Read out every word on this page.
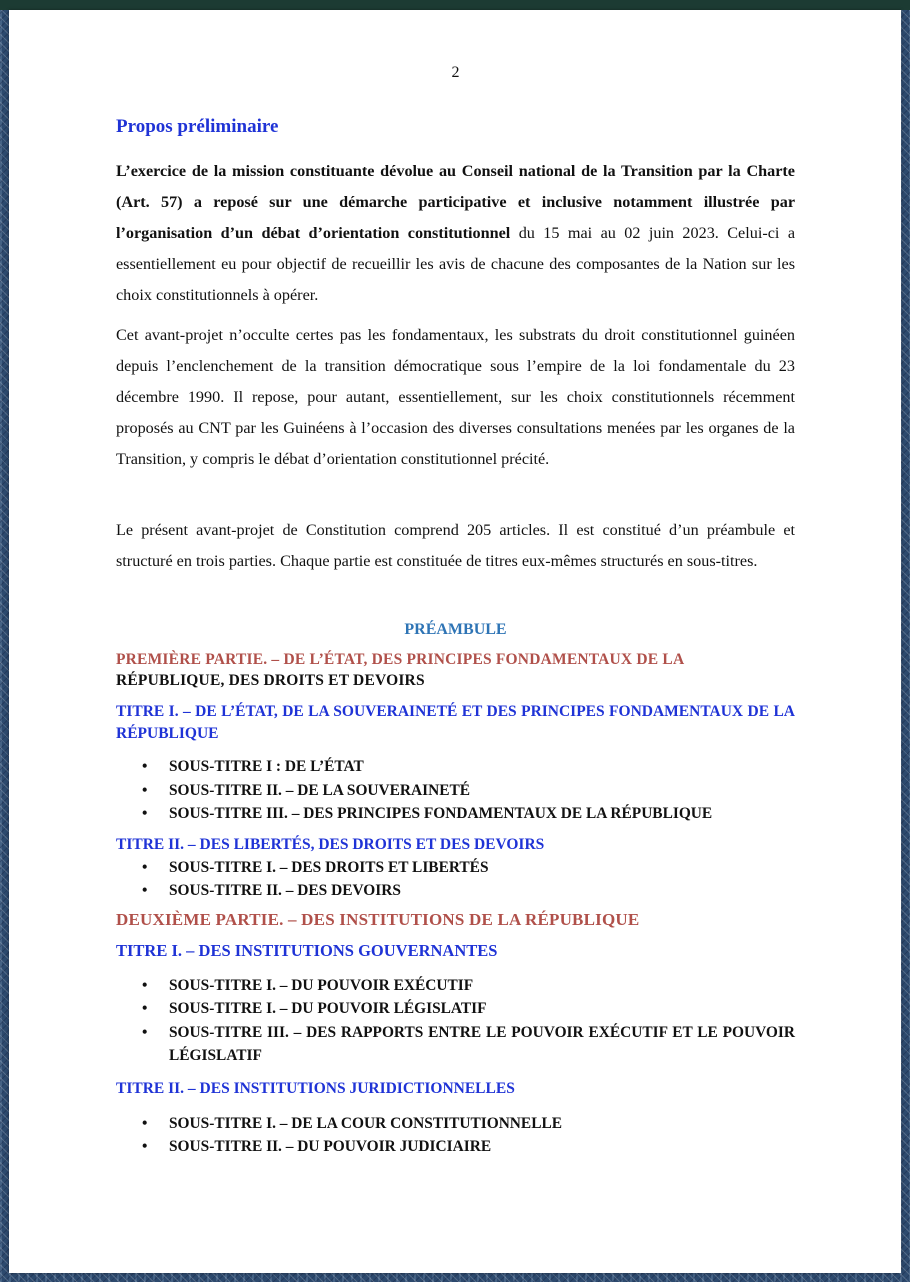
2
Propos préliminaire

L’exercice de la mission constituante dévolue au Conseil national de la Transition par la Charte (Art. 57) a reposé sur une démarche participative et inclusive notamment illustrée par l’organisation d’un débat d’orientation constitutionnel du 15 mai au 02 juin 2023. Celui-ci a essentiellement eu pour objectif de recueillir les avis de chacune des composantes de la Nation sur les choix constitutionnels à opérer.

Cet avant-projet n’occulte certes pas les fondamentaux, les substrats du droit constitutionnel guinéen depuis l’enclenchement de la transition démocratique sous l’empire de la loi fondamentale du 23 décembre 1990. Il repose, pour autant, essentiellement, sur les choix constitutionnels récemment proposés au CNT par les Guinéens à l’occasion des diverses consultations menées par les organes de la Transition, y compris le débat d’orientation constitutionnel précité.

Le présent avant-projet de Constitution comprend 205 articles. Il est constitué d’un préambule et structuré en trois parties. Chaque partie est constituée de titres eux-mêmes structurés en sous-titres.

PRÉAMBULE

PREMIÈRE PARTIE. – DE L’ÉTAT, DES PRINCIPES FONDAMENTAUX DE LA
RÉPUBLIQUE, DES DROITS ET DEVOIRS

TITRE I. – DE L’ÉTAT, DE LA SOUVERAINETÉ ET DES PRINCIPES FONDAMENTAUX DE LA RÉPUBLIQUE

• SOUS-TITRE I : DE L’ÉTAT
• SOUS-TITRE II. – DE LA SOUVERAINETÉ
• SOUS-TITRE III. – DES PRINCIPES FONDAMENTAUX DE LA RÉPUBLIQUE

TITRE II. – DES LIBERTÉS, DES DROITS ET DES DEVOIRS

• SOUS-TITRE I. – DES DROITS ET LIBERTÉS
• SOUS-TITRE II. – DES DEVOIRS

DEUXIÈME PARTIE. – DES INSTITUTIONS DE LA RÉPUBLIQUE

TITRE I. – DES INSTITUTIONS GOUVERNANTES

• SOUS-TITRE I. – DU POUVOIR EXÉCUTIF
• SOUS-TITRE I. – DU POUVOIR LÉGISLATIF
• SOUS-TITRE III. – DES RAPPORTS ENTRE LE POUVOIR EXÉCUTIF ET LE POUVOIR LÉGISLATIF

TITRE II. – DES INSTITUTIONS JURIDICTIONNELLES

• SOUS-TITRE I. – DE LA COUR CONSTITUTIONNELLE
• SOUS-TITRE II. – DU POUVOIR JUDICIAIRE
